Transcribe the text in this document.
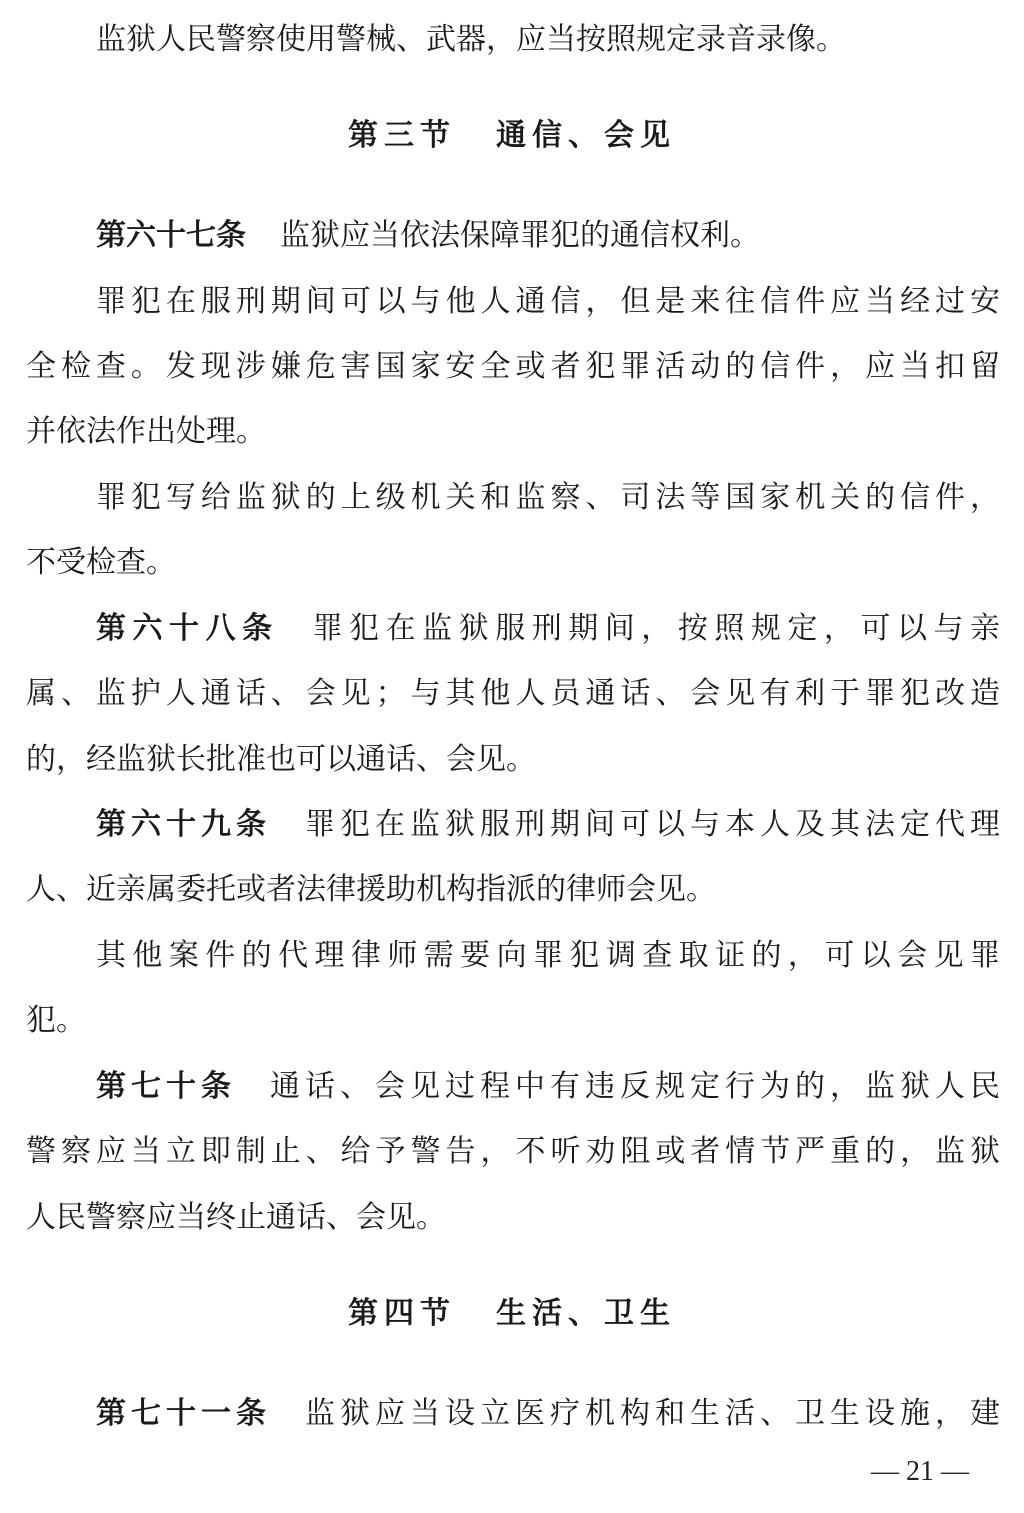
监狱人民警察使用警械、武器，应当按照规定录音录像。
第三节 通信、会见
第六十七条 监狱应当依法保障罪犯的通信权利。
罪犯在服刑期间可以与他人通信，但是来往信件应当经过安
全检查。发现涉嫌危害国家安全或者犯罪活动的信件，应当扣留
并依法作出处理。
罪犯写给监狱的上级机关和监察、司法等国家机关的信件，
不受检查。
第六十八条 罪犯在监狱服刑期间，按照规定，可以与亲
属、监护人通话、会见；与其他人员通话、会见有利于罪犯改造
的，经监狱长批准也可以通话、会见。
第六十九条 罪犯在监狱服刑期间可以与本人及其法定代理
人、近亲属委托或者法律援助机构指派的律师会见。
其他案件的代理律师需要向罪犯调查取证的，可以会见罪
犯。
第七十条 通话、会见过程中有违反规定行为的，监狱人民
警察应当立即制止、给予警告，不听劝阻或者情节严重的，监狱
人民警察应当终止通话、会见。
第四节 生活、卫生
第七十一条 监狱应当设立医疗机构和生活、卫生设施，建
— 21 —
